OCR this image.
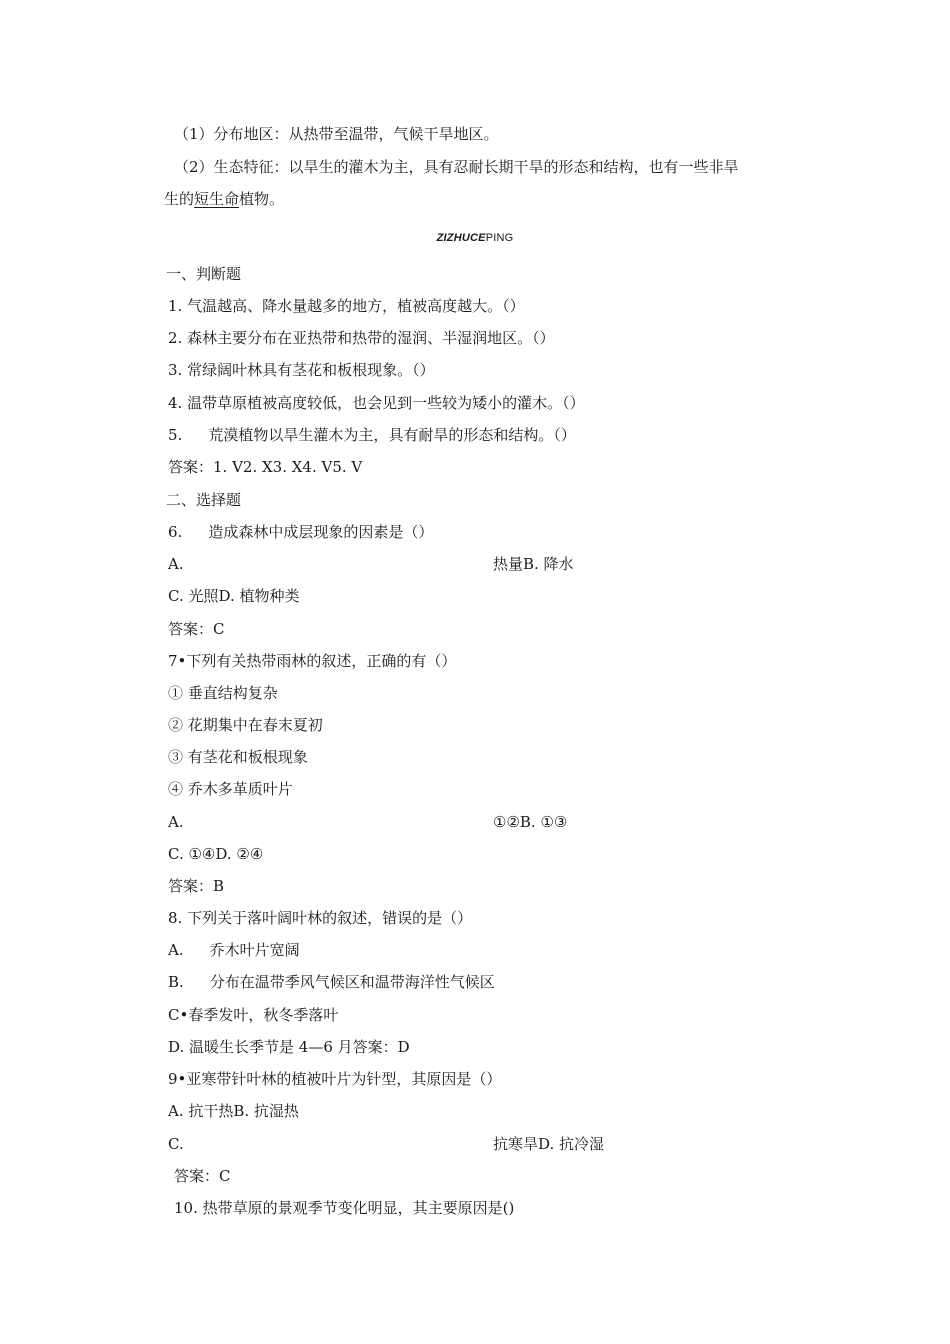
（1）分布地区：从热带至温带，气候干旱地区。
（2）生态特征：以旱生的灌木为主，具有忍耐长期干旱的形态和结构，也有一些非旱
生的短生命植物。
ZIZHUCEPING
一、判断题
1. 气温越高、降水量越多的地方，植被高度越大。（）
2. 森林主要分布在亚热带和热带的湿润、半湿润地区。（）
3. 常绿阔叶林具有茎花和板根现象。（）
4. 温带草原植被高度较低，也会见到一些较为矮小的灌木。（）
5. 荒漠植物以旱生灌木为主，具有耐旱的形态和结构。（）
答案：1. V2. X3. X4. V5. V
二、选择题
6. 造成森林中成层现象的因素是（）
A.	热量B. 降水
C. 光照D. 植物种类
答案：C
7•下列有关热带雨林的叙述，正确的有（）
① 垂直结构复杂
② 花期集中在春末夏初
③ 有茎花和板根现象
④ 乔木多革质叶片
A.	①②B. ①③
C. ①④D. ②④
答案：B
8. 下列关于落叶阔叶林的叙述，错误的是（）
A. 乔木叶片宽阔
B. 分布在温带季风气候区和温带海洋性气候区
C•春季发叶，秋冬季落叶
D. 温暖生长季节是 4—6 月答案：D
9•亚寒带针叶林的植被叶片为针型，其原因是（）
A. 抗干热B. 抗湿热
C.	抗寒旱D. 抗冷湿
答案：C
10. 热带草原的景观季节变化明显，其主要原因是()
